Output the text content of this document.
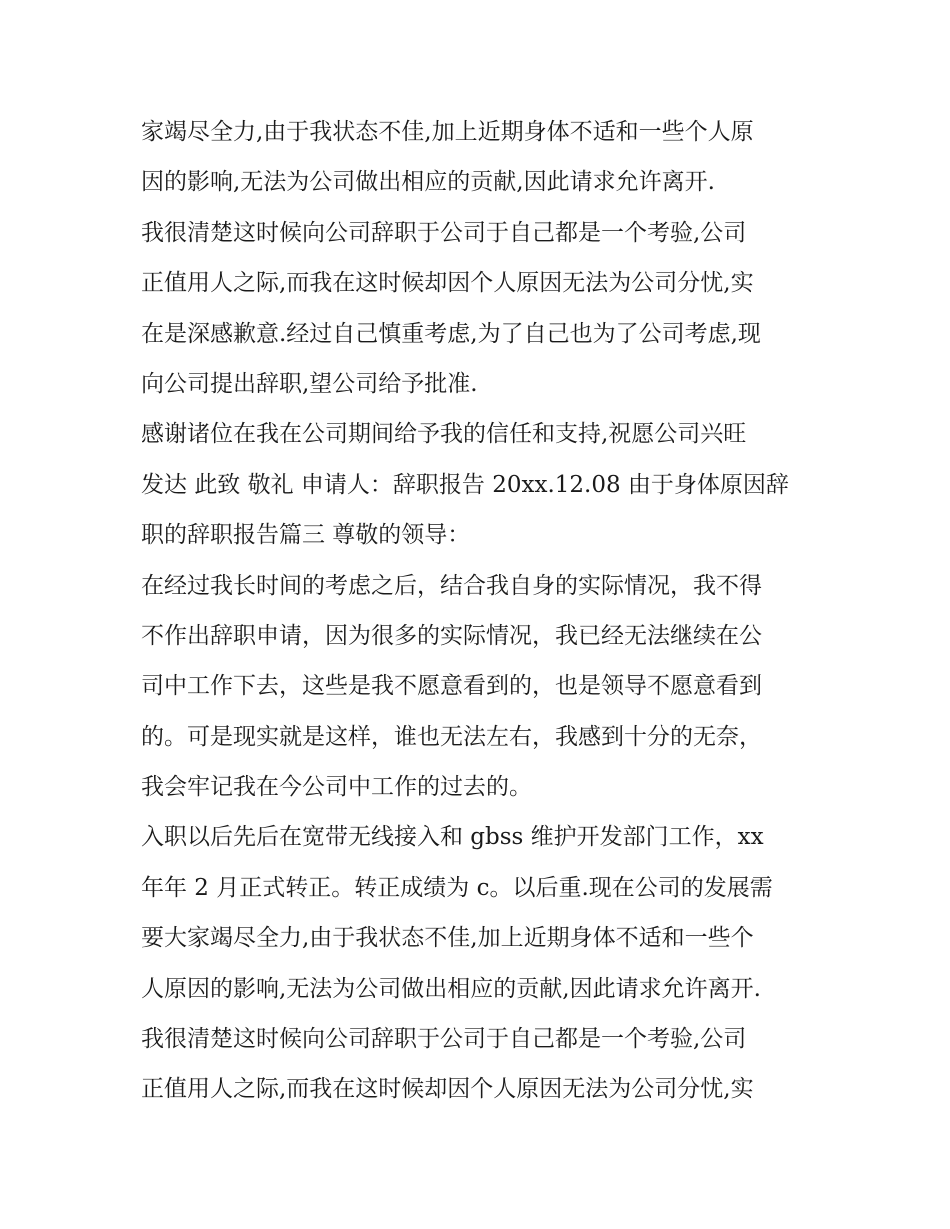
家竭尽全力,由于我状态不佳,加上近期身体不适和一些个人原
因的影响,无法为公司做出相应的贡献,因此请求允许离开.
我很清楚这时候向公司辞职于公司于自己都是一个考验,公司
正值用人之际,而我在这时候却因个人原因无法为公司分忧,实
在是深感歉意.经过自己慎重考虑,为了自己也为了公司考虑,现
向公司提出辞职,望公司给予批准.
感谢诸位在我在公司期间给予我的信任和支持,祝愿公司兴旺
发达 此致 敬礼 申请人：辞职报告 20xx.12.08 由于身体原因辞
职的辞职报告篇三 尊敬的领导：
在经过我长时间的考虑之后，结合我自身的实际情况，我不得
不作出辞职申请，因为很多的实际情况，我已经无法继续在公
司中工作下去，这些是我不愿意看到的，也是领导不愿意看到
的。可是现实就是这样，谁也无法左右，我感到十分的无奈，
我会牢记我在今公司中工作的过去的。
入职以后先后在宽带无线接入和 gbss 维护开发部门工作，xx
年年 2 月正式转正。转正成绩为 c。以后重.现在公司的发展需
要大家竭尽全力,由于我状态不佳,加上近期身体不适和一些个
人原因的影响,无法为公司做出相应的贡献,因此请求允许离开.
我很清楚这时候向公司辞职于公司于自己都是一个考验,公司
正值用人之际,而我在这时候却因个人原因无法为公司分忧,实
